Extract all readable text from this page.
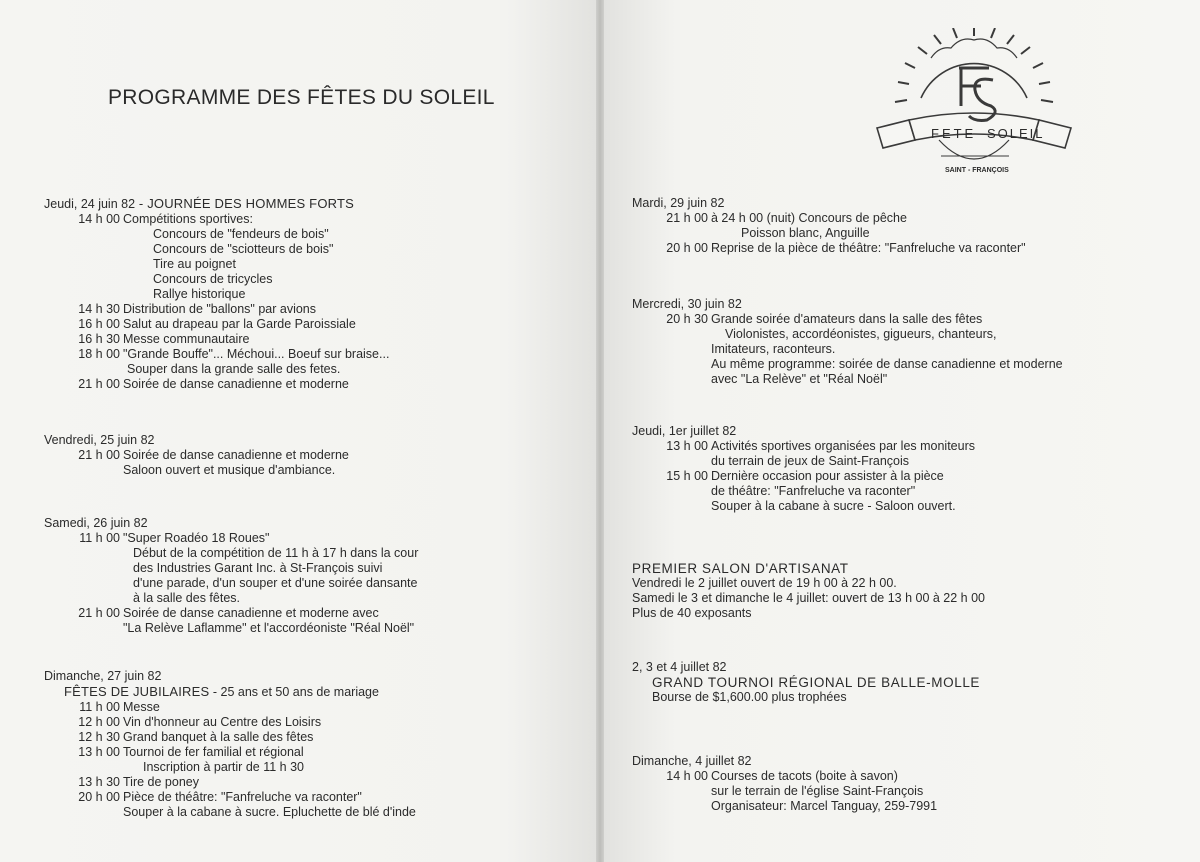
PROGRAMME DES FÊTES DU SOLEIL
Jeudi, 24 juin 82 - JOURNÉE DES HOMMES FORTS
14 h 00 Compétitions sportives:
Concours de "fendeurs de bois"
Concours de "sciotteurs de bois"
Tire au poignet
Concours de tricycles
Rallye historique
14 h 30 Distribution de "ballons" par avions
16 h 00 Salut au drapeau par la Garde Paroissiale
16 h 30 Messe communautaire
18 h 00 "Grande Bouffe"... Méchoui... Boeuf sur braise...
Souper dans la grande salle des fetes.
21 h 00 Soirée de danse canadienne et moderne
Vendredi, 25 juin 82
21 h 00 Soirée de danse canadienne et moderne
Saloon ouvert et musique d'ambiance.
Samedi, 26 juin 82
11 h 00 "Super Roadéo 18 Roues"
Début de la compétition de 11 h à 17 h dans la cour
des Industries Garant Inc. à St-François suivi
d'une parade, d'un souper et d'une soirée dansante
à la salle des fêtes.
21 h 00 Soirée de danse canadienne et moderne avec
"La Relève Laflamme" et l'accordéoniste "Réal Noël"
Dimanche, 27 juin 82
FÊTES DE JUBILAIRES - 25 ans et 50 ans de mariage
11 h 00 Messe
12 h 00 Vin d'honneur au Centre des Loisirs
12 h 30 Grand banquet à la salle des fêtes
13 h 00 Tournoi de fer familial et régional
Inscription à partir de 11 h 30
13 h 30 Tire de poney
20 h 00 Pièce de théâtre: "Fanfreluche va raconter"
Souper à la cabane à sucre. Epluchette de blé d'inde
FETE SOLEIL
SAINT - FRANÇOIS
Mardi, 29 juin 82
21 h 00 à 24 h 00 (nuit) Concours de pêche
Poisson blanc, Anguille
20 h 00 Reprise de la pièce de théâtre: "Fanfreluche va raconter"
Mercredi, 30 juin 82
20 h 30 Grande soirée d'amateurs dans la salle des fêtes
Violonistes, accordéonistes, gigueurs, chanteurs,
Imitateurs, raconteurs.
Au même programme: soirée de danse canadienne et moderne
avec "La Relève" et "Réal Noël"
Jeudi, 1er juillet 82
13 h 00 Activités sportives organisées par les moniteurs
du terrain de jeux de Saint-François
15 h 00 Dernière occasion pour assister à la pièce
de théâtre: "Fanfreluche va raconter"
Souper à la cabane à sucre - Saloon ouvert.
PREMIER SALON D'ARTISANAT
Vendredi le 2 juillet ouvert de 19 h 00 à 22 h 00.
Samedi le 3 et dimanche le 4 juillet: ouvert de 13 h 00 à 22 h 00
Plus de 40 exposants
2, 3 et 4 juillet 82
GRAND TOURNOI RÉGIONAL DE BALLE-MOLLE
Bourse de $1,600.00 plus trophées
Dimanche, 4 juillet 82
14 h 00 Courses de tacots (boite à savon)
sur le terrain de l'église Saint-François
Organisateur: Marcel Tanguay, 259-7991
